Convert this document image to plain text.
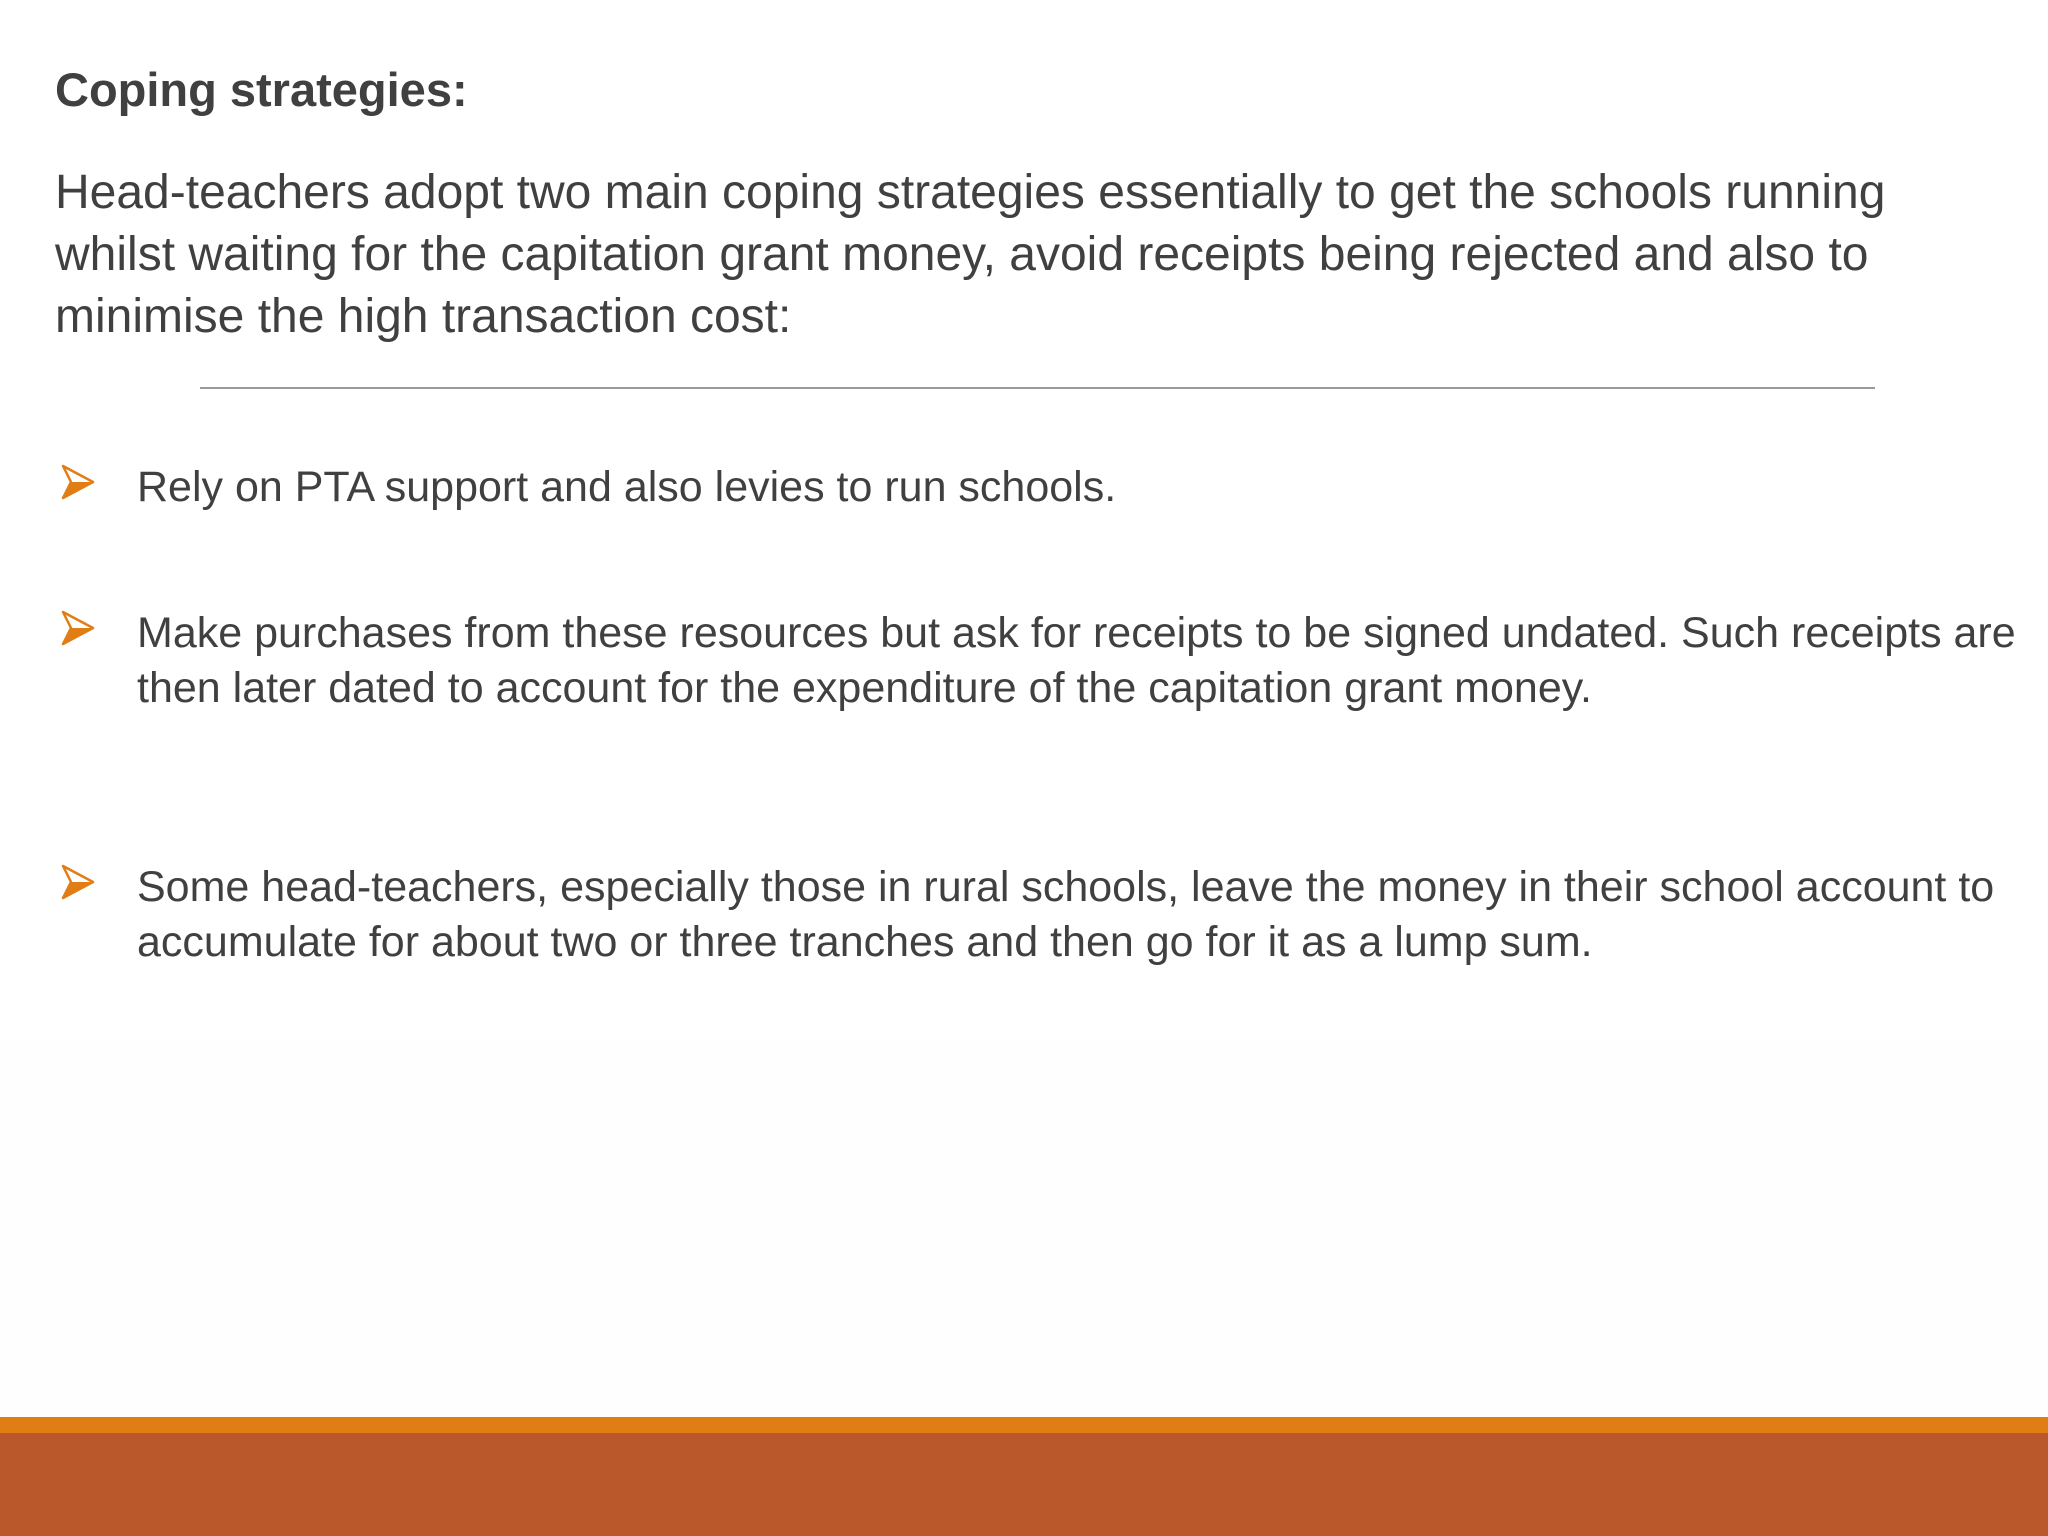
Coping strategies:

Head-teachers adopt two main coping strategies essentially to get the schools running whilst waiting for the capitation grant money, avoid receipts being rejected and also to minimise the high transaction cost:

Rely on PTA support and also levies to run schools.
Make purchases from these resources but ask for receipts to be signed undated. Such receipts are then later dated to account for the expenditure of the capitation grant money.
Some head-teachers, especially those in rural schools, leave the money in their school account to accumulate for about two or three tranches and then go for it as a lump sum.
